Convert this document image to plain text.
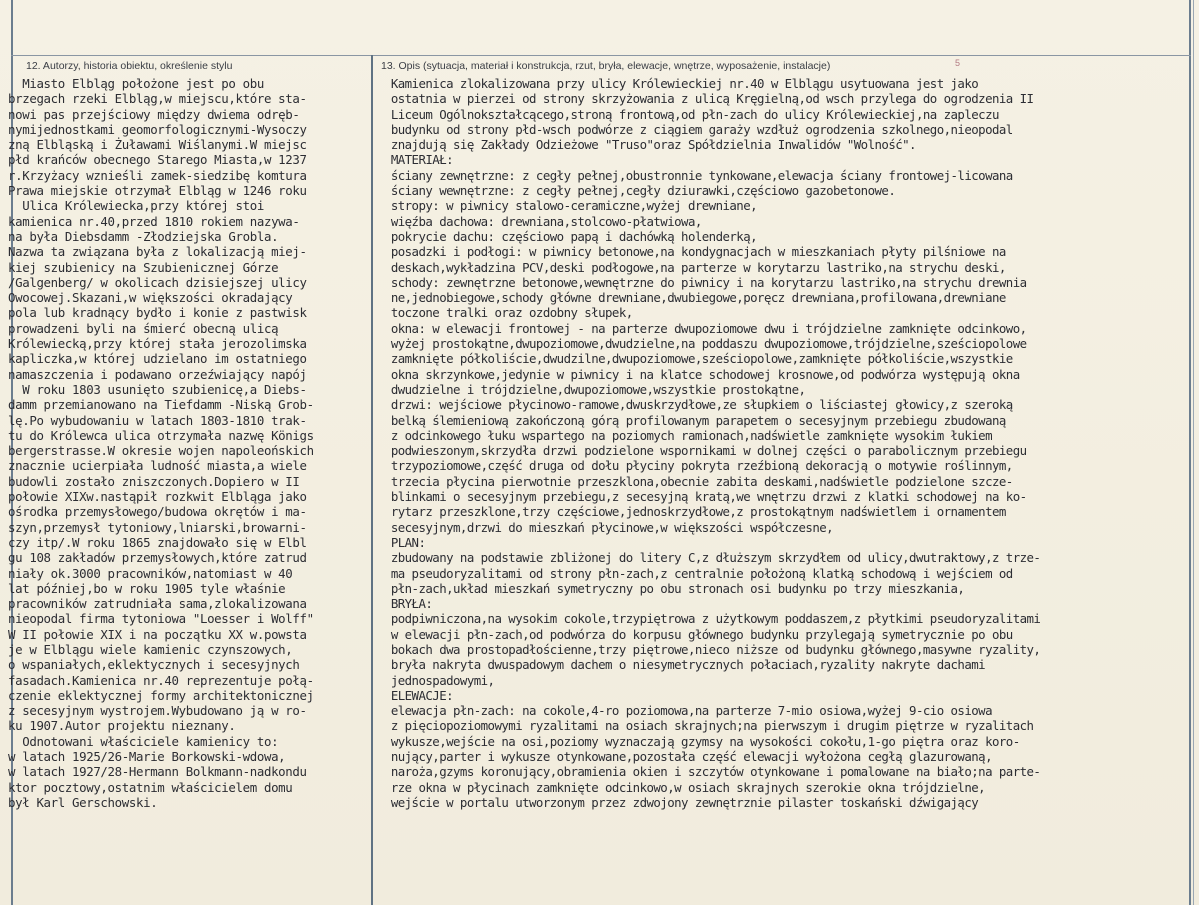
12. Autorzy, historia obiektu, określenie stylu	13. Opis (sytuacja, materiał i konstrukcja, rzut, bryła, elewacje, wnętrze, wyposażenie, instalacje)	5
Miasto Elbląg położone jest po obu
brzegach rzeki Elbląg,w miejscu,które sta-
nowi pas przejściowy między dwiema odręb-
nymijednostkami geomorfologicznymi-Wysoczy
zną Elbląską i Żuławami Wiślanymi.W miejsc
płd krańców obecnego Starego Miasta,w 1237
r.Krzyżacy wznieśli zamek-siedzibę komtura
Prawa miejskie otrzymał Elbląg w 1246 roku
Ulica Królewiecka,przy której stoi
kamienica nr.40,przed 1810 rokiem nazywa-
na była Diebsdamm -Złodziejska Grobla.
Nazwa ta związana była z lokalizacją miej-
kiej szubienicy na Szubienicznej Górze
/Galgenberg/ w okolicach dzisiejszej ulicy
Owocowej.Skazani,w większości okradający
pola lub kradnący bydło i konie z pastwisk
prowadzeni byli na śmierć obecną ulicą
Królewiecką,przy której stała jerozolimska
kapliczka,w której udzielano im ostatniego
namaszczenia i podawano orzeźwiający napój
W roku 1803 usunięto szubienicę,a Diebs-
damm przemianowano na Tiefdamm -Niską Grob-
lę.Po wybudowaniu w latach 1803-1810 trak-
tu do Królewca ulica otrzymała nazwę Königs
bergerstrasse.W okresie wojen napoleońskich
znacznie ucierpiała ludność miasta,a wiele
budowli zostało zniszczonych.Dopiero w II
połowie XIXw.nastąpił rozkwit Elbląga jako
ośrodka przemysłowego/budowa okrętów i ma-
szyn,przemysł tytoniowy,lniarski,browarni-
czy itp/.W roku 1865 znajdowało się w Elbl
gu 108 zakładów przemysłowych,które zatrud
niały ok.3000 pracowników,natomiast w 40
lat później,bo w roku 1905 tyle właśnie
pracowników zatrudniała sama,zlokalizowana
nieopodal firma tytoniowa "Loesser i Wolff"
W II połowie XIX i na początku XX w.powsta
je w Elblągu wiele kamienic czynszowych,
o wspaniałych,eklektycznych i secesyjnych
fasadach.Kamienica nr.40 reprezentuje połą-
czenie eklektycznej formy architektonicznej
z secesyjnym wystrojem.Wybudowano ją w ro-
ku 1907.Autor projektu nieznany.
Odnotowani właściciele kamienicy to:
w latach 1925/26-Marie Borkowski-wdowa,
w latach 1927/28-Hermann Bolkmann-nadkondu
ktor pocztowy,ostatnim właścicielem domu
był Karl Gerschowski.
Kamienica zlokalizowana przy ulicy Królewieckiej nr.40 w Elblągu usytuowana jest jako
ostatnia w pierzei od strony skrzyżowania z ulicą Kręgielną,od wsch przylega do ogrodzenia II
Liceum Ogólnokształcącego,stroną frontową,od płn-zach do ulicy Królewieckiej,na zapleczu
budynku od strony płd-wsch podwórze z ciągiem garaży wzdłuż ogrodzenia szkolnego,nieopodal
znajdują się Zakłady Odzieżowe "Truso"oraz Spółdzielnia Inwalidów "Wolność".
MATERIAŁ:
ściany zewnętrzne: z cegły pełnej,obustronnie tynkowane,elewacja ściany frontowej-licowana
ściany wewnętrzne: z cegły pełnej,cegły dziurawki,częściowo gazobetonowe.
stropy: w piwnicy stalowo-ceramiczne,wyżej drewniane,
więźba dachowa: drewniana,stolcowo-płatwiowa,
pokrycie dachu: częściowo papą i dachówką holenderką,
posadzki i podłogi: w piwnicy betonowe,na kondygnacjach w mieszkaniach płyty pilśniowe na
deskach,wykładzina PCV,deski podłogowe,na parterze w korytarzu lastriko,na strychu deski,
schody: zewnętrzne betonowe,wewnętrzne do piwnicy i na korytarzu lastriko,na strychu drewnia
ne,jednobiegowe,schody główne drewniane,dwubiegowe,poręcz drewniana,profilowana,drewniane
toczone tralki oraz ozdobny słupek,
okna: w elewacji frontowej - na parterze dwupoziomowe dwu i trójdzielne zamknięte odcinkowo,
wyżej prostokątne,dwupoziomowe,dwudzielne,na poddaszu dwupoziomowe,trójdzielne,sześciopolowe
zamknięte półkoliście,dwudzilne,dwupoziomowe,sześciopolowe,zamknięte półkoliście,wszystkie
okna skrzynkowe,jedynie w piwnicy i na klatce schodowej krosnowe,od podwórza występują okna
dwudzielne i trójdzielne,dwupoziomowe,wszystkie prostokątne,
drzwi: wejściowe płycinowo-ramowe,dwuskrzydłowe,ze słupkiem o liściastej głowicy,z szeroką
belką ślemieniową zakończoną górą profilowanym parapetem o secesyjnym przebiegu zbudowaną
z odcinkowego łuku wspartego na poziomych ramionach,nadświetle zamknięte wysokim łukiem
podwieszonym,skrzydła drzwi podzielone wspornikami w dolnej części o parabolicznym przebiegu
trzypoziomowe,część druga od dołu płyciny pokryta rzeźbioną dekoracją o motywie roślinnym,
trzecia płycina pierwotnie przeszklona,obecnie zabita deskami,nadświetle podzielone szcze-
blinkami o secesyjnym przebiegu,z secesyjną kratą,we wnętrzu drzwi z klatki schodowej na ko-
rytarz przeszklone,trzy częściowe,jednoskrzydłowe,z prostokątnym nadświetlem i ornamentem
secesyjnym,drzwi do mieszkań płycinowe,w większości współczesne,
PLAN:
zbudowany na podstawie zbliżonej do litery C,z dłuższym skrzydłem od ulicy,dwutraktowy,z trze-
ma pseudoryzalitami od strony płn-zach,z centralnie położoną klatką schodową i wejściem od
płn-zach,układ mieszkań symetryczny po obu stronach osi budynku po trzy mieszkania,
BRYŁA:
podpiwniczona,na wysokim cokole,trzypiętrowa z użytkowym poddaszem,z płytkimi pseudoryzalitami
w elewacji płn-zach,od podwórza do korpusu głównego budynku przylegają symetrycznie po obu
bokach dwa prostopadłościenne,trzy piętrowe,nieco niższe od budynku głównego,masywne ryzality,
bryła nakryta dwuspadowym dachem o niesymetrycznych połaciach,ryzality nakryte dachami
jednospadowymi,
ELEWACJE:
elewacja płn-zach: na cokole,4-ro poziomowa,na parterze 7-mio osiowa,wyżej 9-cio osiowa
z pięciopoziomowymi ryzalitami na osiach skrajnych;na pierwszym i drugim piętrze w ryzalitach
wykusze,wejście na osi,poziomy wyznaczają gzymsy na wysokości cokołu,1-go piętra oraz koro-
nujący,parter i wykusze otynkowane,pozostała część elewacji wyłożona cegłą glazurowaną,
naroża,gzyms koronujący,obramienia okien i szczytów otynkowane i pomalowane na biało;na parte-
rze okna w płycinach zamknięte odcinkowo,w osiach skrajnych szerokie okna trójdzielne,
wejście w portalu utworzonym przez zdwojony zewnętrznie pilaster toskański dźwigający
